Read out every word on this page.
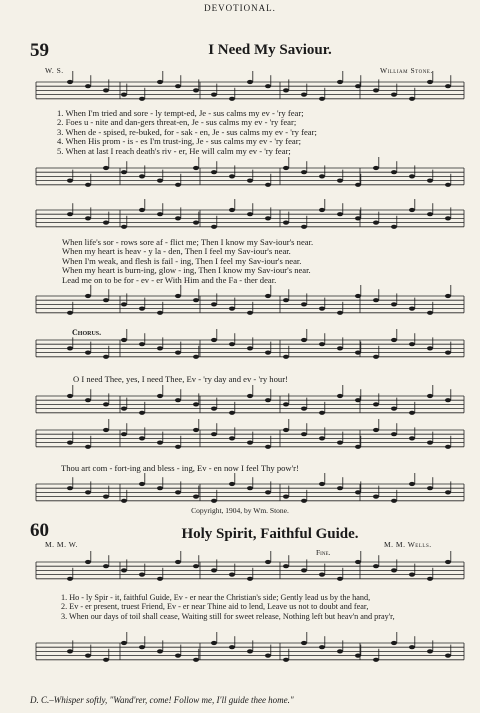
DEVOTIONAL.
59	I Need My Saviour.
W. S.	William Stone.
1. When I'm tried and sore - ly tempt-ed, Je - sus calms my ev - 'ry fear;
2. Foes u - nite and dan-gers threat-en, Je - sus calms my ev - 'ry fear;
3. When de - spised, re-buked, for - sak - en, Je - sus calms my ev - 'ry fear;
4. When His prom - is - es I'm trust-ing, Je - sus calms my ev - 'ry fear;
5. When at last I reach death's riv - er, He will calm my ev - 'ry fear;
When life's sor - rows sore af - flict me; Then I know my Sav-iour's near.
When my heart is heav - y la - den, Then I feel my Sav-iour's near.
When I'm weak, and flesh is fail - ing, Then I feel my Sav-iour's near.
When my heart is burn-ing, glow - ing, Then I know my Sav-iour's near.
Lead me on to be for - ev - er With Him and the Fa - ther dear.
Chorus.
O I need Thee, yes, I need Thee, Ev - 'ry day and ev - 'ry hour!
Thou art com - fort-ing and bless - ing, Ev - en now I feel Thy pow'r!
Copyright, 1904, by Wm. Stone.
60	Holy Spirit, Faithful Guide.
M. M. W.	M. M. Wells.
Fine.
1. Ho - ly Spir - it, faithful Guide, Ev - er near the Christian's side; Gently lead us by the hand,
2. Ev - er present, truest Friend, Ev - er near Thine aid to lend, Leave us not to doubt and fear,
3. When our days of toil shall cease, Waiting still for sweet release, Nothing left but heav'n and pray'r,
D. C.–Whisper softly, "Wand'rer, come! Follow me, I'll guide thee home."
